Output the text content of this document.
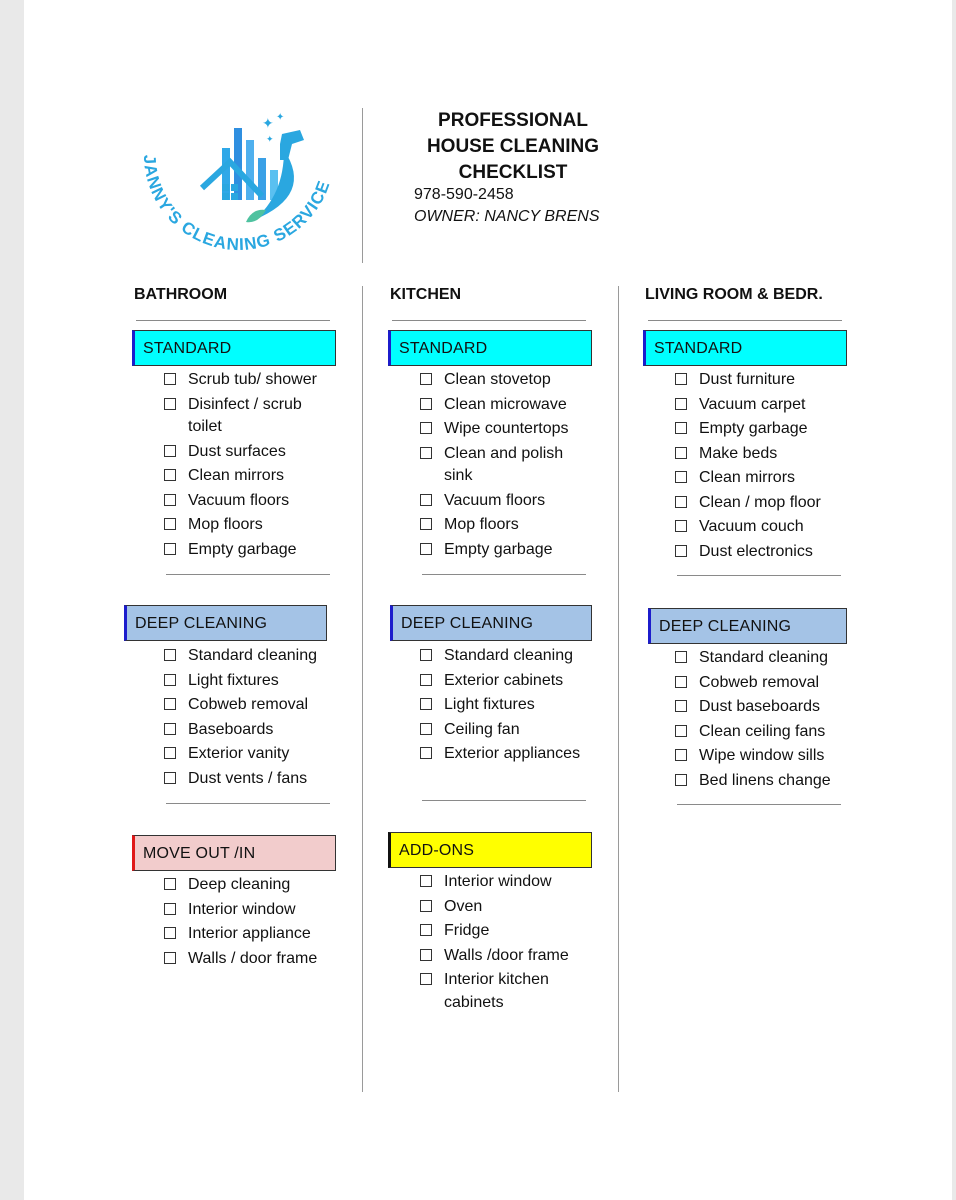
✦ ✦
✦
JANNY'S CLEANING SERVICE
PROFESSIONAL
HOUSE CLEANING
CHECKLIST
978-590-2458
OWNER: NANCY BRENS
BATHROOM
STANDARD
Scrub tub/ shower
Disinfect / scrub toilet
Dust surfaces
Clean mirrors
Vacuum floors
Mop floors
Empty garbage
DEEP CLEANING
Standard cleaning
Light fixtures
Cobweb removal
Baseboards
Exterior vanity
Dust vents / fans
MOVE OUT /IN
Deep cleaning
Interior window
Interior appliance
Walls / door frame
KITCHEN
STANDARD
Clean stovetop
Clean microwave
Wipe countertops
Clean and polish sink
Vacuum floors
Mop floors
Empty garbage
DEEP CLEANING
Standard cleaning
Exterior cabinets
Light fixtures
Ceiling fan
Exterior appliances
ADD-ONS
Interior window
Oven
Fridge
Walls /door frame
Interior kitchen cabinets
LIVING ROOM & BEDR.
STANDARD
Dust furniture
Vacuum carpet
Empty garbage
Make beds
Clean mirrors
Clean / mop floor
Vacuum couch
Dust electronics
DEEP CLEANING
Standard cleaning
Cobweb removal
Dust baseboards
Clean ceiling fans
Wipe window sills
Bed linens change
